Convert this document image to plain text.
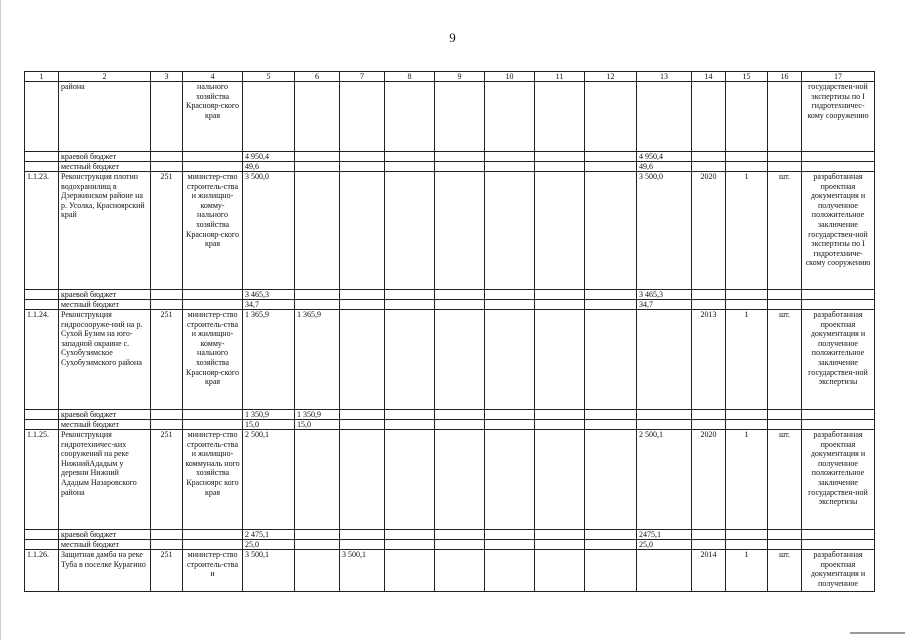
9
1	2	3	4	5	6	7	8	9	10	11	12	13	14	15	16	17
	района		нального хозяйства Краснояр-ского края													государствен-ной экспертизы по I гидротехничес-кому сооружению
	краевой бюджет			4 950,4								4 950,4				
	местный бюджет			49,6								49,6				
1.1.23.	Реконструкция плотин водохранилищ в Дзержинском районе на р. Усолка, Красноярский край	251	министер-ство строитель-ства и жилищно-комму-нального хозяйства Краснояр-ского края	3 500,0								3 500,0	2020	1	шт.	разработанная проектная документация и полученное положительное заключение государствен-ной экспертизы по I гидротехниче-скому сооружению
	краевой бюджет			3 465,3								3 465,3				
	местный бюджет			34,7								34,7				
1.1.24.	Реконструкция гидросооруже-ний на р. Сухой Бузим на юго-западной окраине с. Сухобузимское Сухобузимского района	251	министер-ство строитель-ства и жилищно-комму-нального хозяйства Краснояр-ского края	1 365,9	1 365,9								2013	1	шт.	разработанная проектная документация и полученное положительное заключение государствен-ной экспертизы
	краевой бюджет			1 350,9	1 350,9											
	местный бюджет			15,0	15,0											
1.1.25.	Реконструкция гидротехничес-ких сооружений на реке НижнийАдадым у деревни Нижний Ададым Назаровского района	251	министер-ство строитель-ства и жилищно-коммуналь ного хозяйства Красноярс кого края	2 500,1								2 500,1	2020	1	шт.	разработанная проектная документация и полученное положительное заключение государствен-ной экспертизы
	краевой бюджет			2 475,1								2475,1				
	местный бюджет			25,0								25,0				
1.1.26.	Защитная дамба на реке Туба в поселке Курагино	251	министер-ство строитель-ства и	3 500,1		3 500,1							2014	1	шт.	разработанная проектная документация и полученное
